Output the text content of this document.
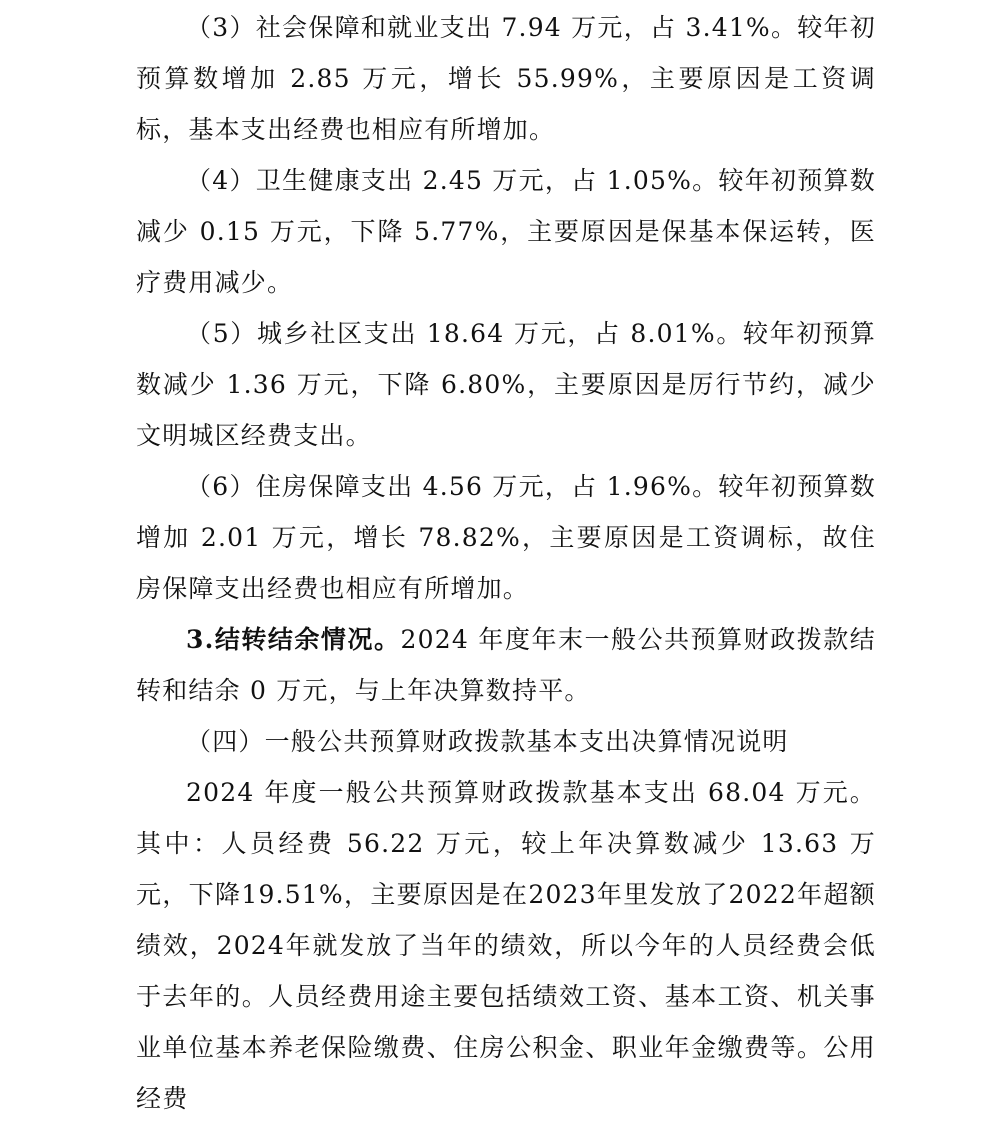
（3）社会保障和就业支出 7.94 万元，占 3.41%。较年初预算数增加 2.85 万元，增长 55.99%，主要原因是工资调标，基本支出经费也相应有所增加。

（4）卫生健康支出 2.45 万元，占 1.05%。较年初预算数减少 0.15 万元，下降 5.77%，主要原因是保基本保运转，医疗费用减少。

（5）城乡社区支出 18.64 万元，占 8.01%。较年初预算数减少 1.36 万元，下降 6.80%，主要原因是厉行节约，减少文明城区经费支出。

（6）住房保障支出 4.56 万元，占 1.96%。较年初预算数增加 2.01 万元，增长 78.82%，主要原因是工资调标，故住房保障支出经费也相应有所增加。

3.结转结余情况。2024 年度年末一般公共预算财政拨款结转和结余 0 万元，与上年决算数持平。

（四）一般公共预算财政拨款基本支出决算情况说明

2024 年度一般公共预算财政拨款基本支出 68.04 万元。其中：人员经费 56.22 万元，较上年决算数减少 13.63 万元，下降19.51%，主要原因是在2023年里发放了2022年超额绩效，2024年就发放了当年的绩效，所以今年的人员经费会低于去年的。人员经费用途主要包括绩效工资、基本工资、机关事业单位基本养老保险缴费、住房公积金、职业年金缴费等。公用经费
